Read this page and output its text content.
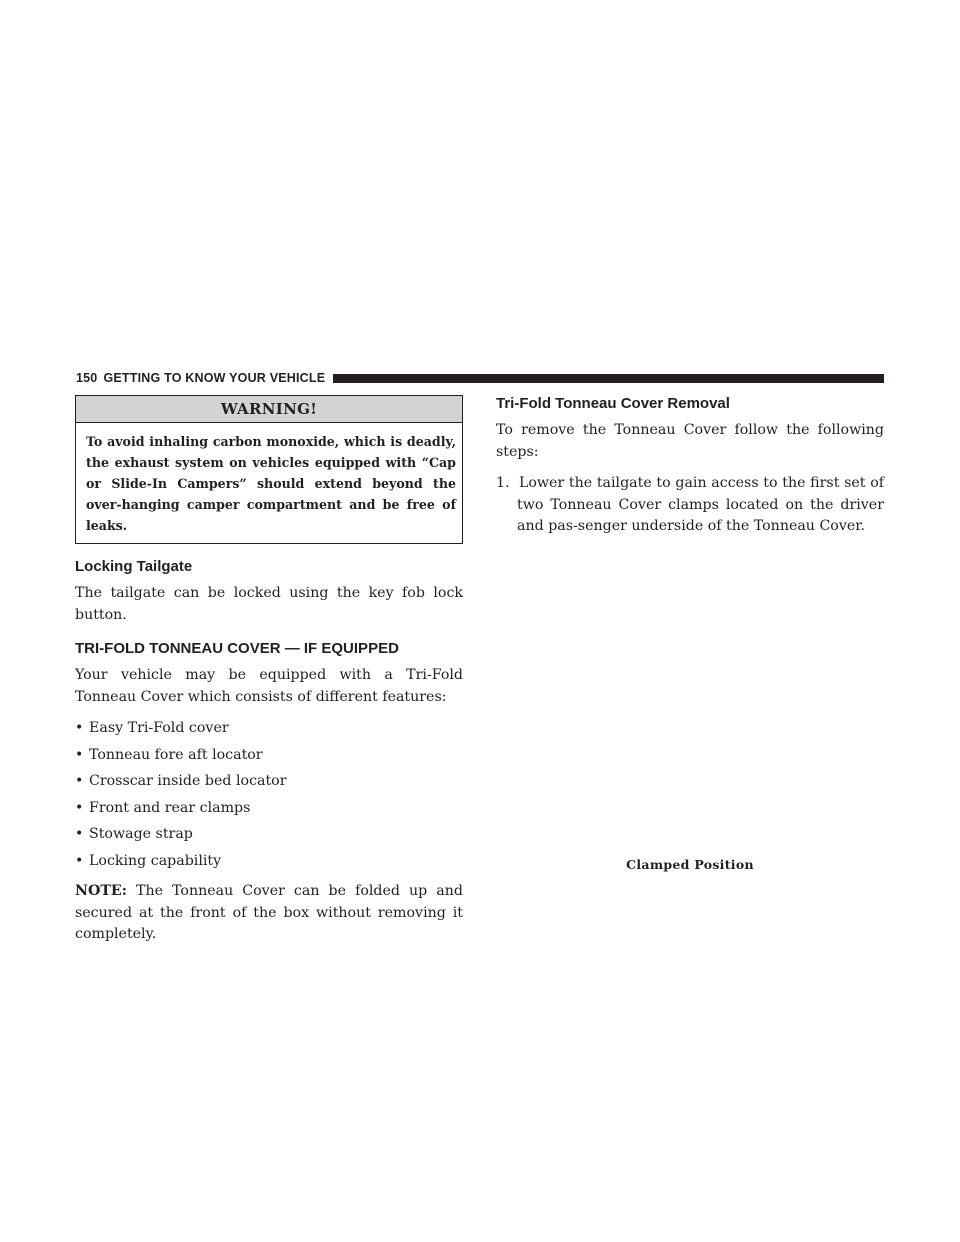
150 GETTING TO KNOW YOUR VEHICLE
WARNING!
To avoid inhaling carbon monoxide, which is deadly, the exhaust system on vehicles equipped with “Cap or Slide-In Campers” should extend beyond the over-hanging camper compartment and be free of leaks.
Locking Tailgate

The tailgate can be locked using the key fob lock button.

TRI-FOLD TONNEAU COVER — IF EQUIPPED

Your vehicle may be equipped with a Tri-Fold Tonneau Cover which consists of different features:

• Easy Tri-Fold cover
• Tonneau fore aft locator
• Crosscar inside bed locator
• Front and rear clamps
• Stowage strap
• Locking capability

NOTE: The Tonneau Cover can be folded up and secured at the front of the box without removing it completely.

Tri-Fold Tonneau Cover Removal

To remove the Tonneau Cover follow the following steps:

1.  Lower the tailgate to gain access to the first set of two Tonneau Cover clamps located on the driver and pas-senger underside of the Tonneau Cover.
Clamped Position
